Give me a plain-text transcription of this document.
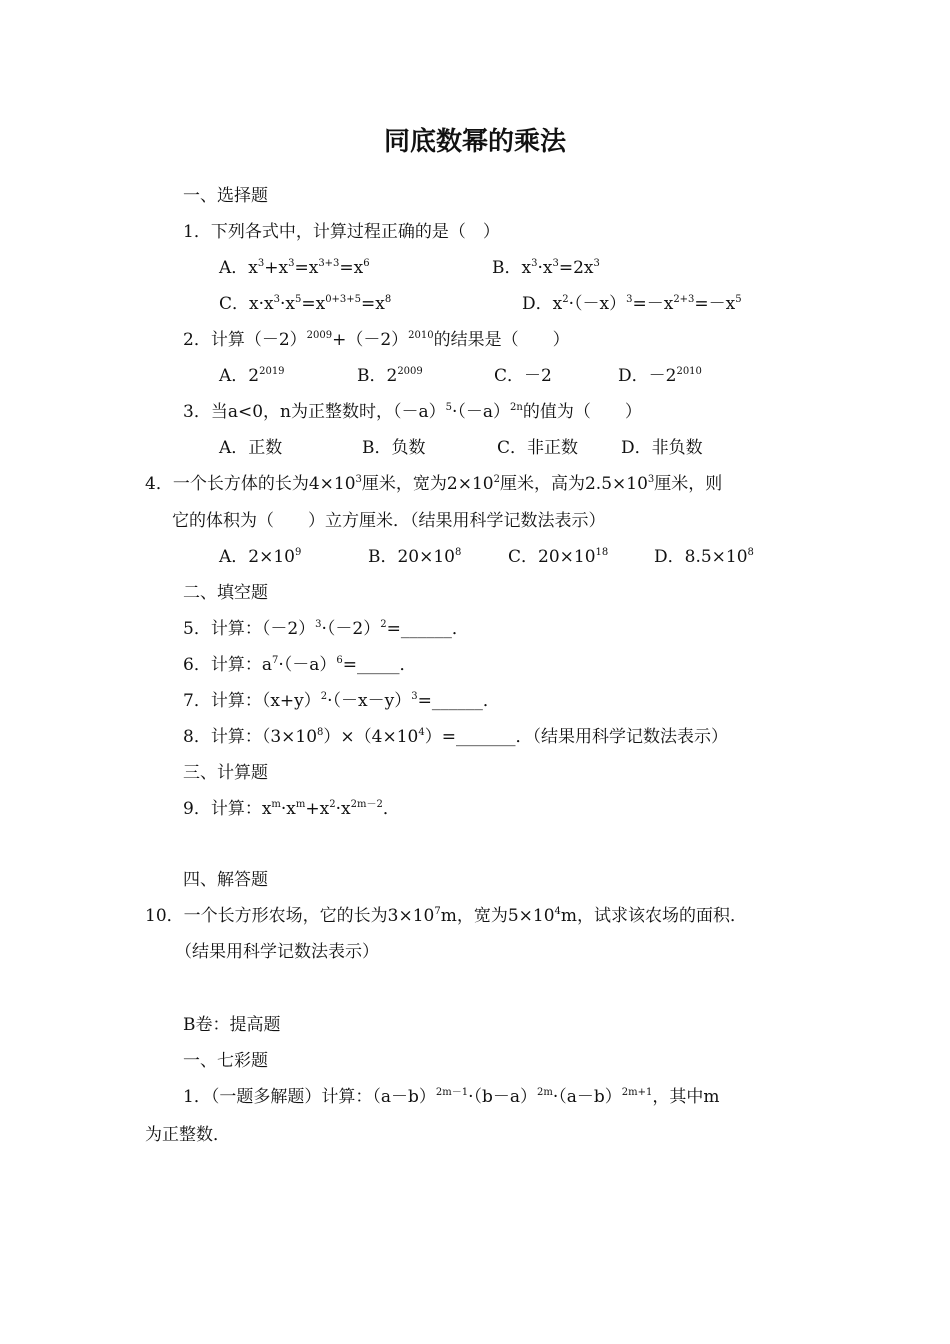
同底数幂的乘法
一、选择题
1．下列各式中，计算过程正确的是（　）
A．$x^3+x^3=x^{3+3}=x^6$	B．$x^3\cdot x^3=2x^3$
C．$x\cdot x^3\cdot x^5=x^{0+3+5}=x^8$	D．$x^2\cdot(-x)^3=-x^{2+3}=-x^5$
2．计算$(-2)^{2009}+(-2)^{2010}$的结果是（　　）
A．$2^{2019}$	B．$2^{2009}$	C．－2	D．$-2^{2010}$
3．当a<0，n为正整数时，$(-a)^5\cdot(-a)^{2n}$的值为（　　）
A．正数	B．负数	C．非正数	D．非负数
4．一个长方体的长为$4\times 10^3$厘米，宽为$2\times 10^2$厘米，高为$2.5\times 10^3$厘米，则
它的体积为（　　）立方厘米．（结果用科学记数法表示）
A．$2\times 10^9$	B．$20\times 10^8$	C．$20\times 10^{18}$	D．$8.5\times 10^8$
二、填空题
5．计算：$(-2)^3\cdot(-2)^2=\_\_\_\_\_\_$．
6．计算：$a^7\cdot(-a)^6=\_\_\_\_\_$．
7．计算：$(x+y)^2\cdot(-x-y)^3=\_\_\_\_\_\_$．
8．计算：$(3\times 10^8)\times(4\times 10^4)=\_\_\_\_\_\_\_$．（结果用科学记数法表示）
三、计算题
9．计算：$x^m\cdot x^m+x^2\cdot x^{2m-2}$．
四、解答题
10．一个长方形农场，它的长为$3\times 10^7m$，宽为$5\times 10^4m$，试求该农场的面积．
（结果用科学记数法表示）
B卷：提高题
一、七彩题
1．（一题多解题）计算：$(a-b)^{2m-1}\cdot(b-a)^{2m}\cdot(a-b)^{2m+1}$，其中m
为正整数．
